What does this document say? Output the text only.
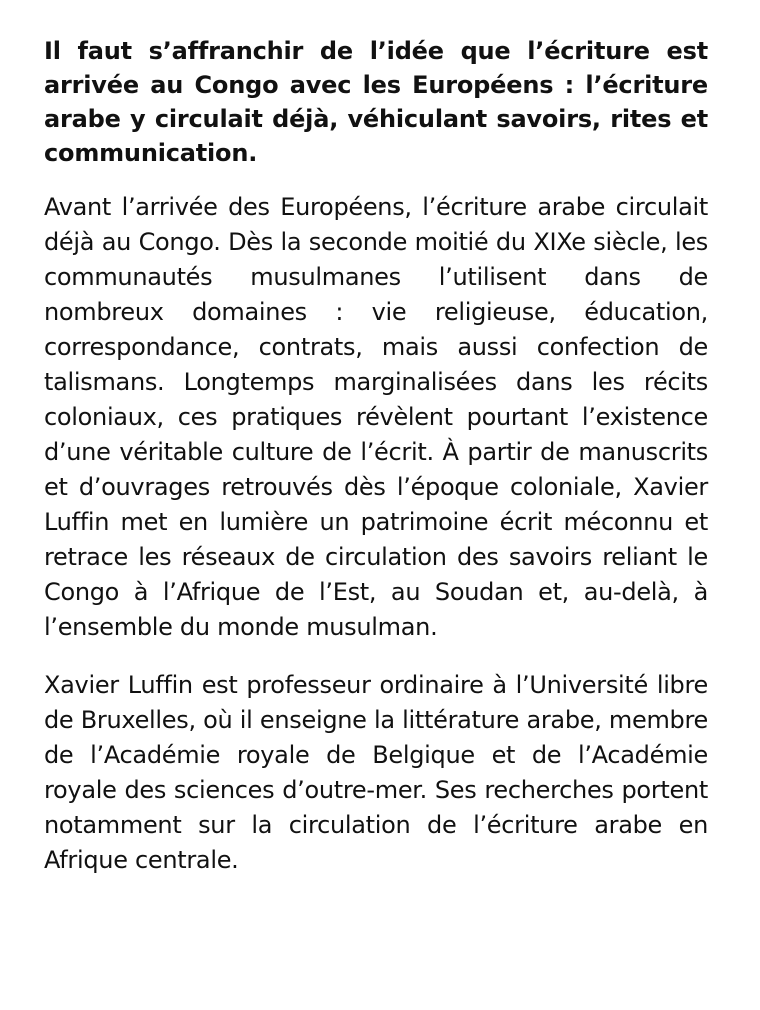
Il faut s’affranchir de l’idée que l’écriture est arrivée au Congo avec les Européens : l’écriture arabe y circulait déjà, véhiculant savoirs, rites et communication.

Avant l’arrivée des Européens, l’écriture arabe circulait déjà au Congo. Dès la seconde moitié du XIXe siècle, les communautés musulmanes l’utilisent dans de nombreux domaines : vie religieuse, éducation, correspondance, contrats, mais aussi confection de talismans. Longtemps marginalisées dans les récits coloniaux, ces pratiques révèlent pourtant l’existence d’une véritable culture de l’écrit. À partir de manuscrits et d’ouvrages retrouvés dès l’époque coloniale, Xavier Luffin met en lumière un patrimoine écrit méconnu et retrace les réseaux de circulation des savoirs reliant le Congo à l’Afrique de l’Est, au Soudan et, au-delà, à l’ensemble du monde musulman.

Xavier Luffin est professeur ordinaire à l’Université libre de Bruxelles, où il enseigne la littérature arabe, membre de l’Académie royale de Belgique et de l’Académie royale des sciences d’outre-mer. Ses recherches portent notamment sur la circulation de l’écriture arabe en Afrique centrale.
